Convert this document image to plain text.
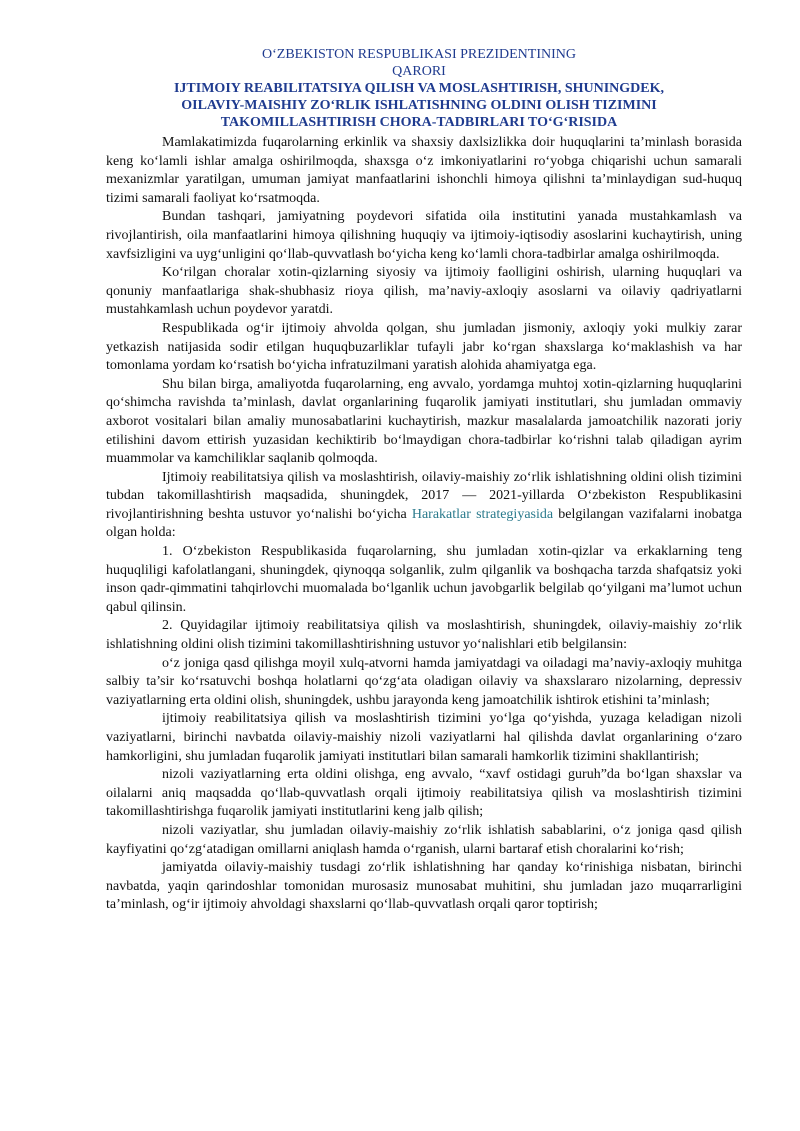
O‘ZBEKISTON RESPUBLIKASI PREZIDENTINING
QARORI
IJTIMOIY REABILITATSIYA QILISH VA MOSLASHTIRISH, SHUNINGDEK,
OILAVIY-MAISHIY ZO‘RLIK ISHLATISHNING OLDINI OLISH TIZIMINI
TAKOMILLASHTIRISH CHORA-TADBIRLARI TO‘G‘RISIDA

Mamlakatimizda fuqarolarning erkinlik va shaxsiy daxlsizlikka doir huquqlarini ta’minlash borasida keng ko‘lamli ishlar amalga oshirilmoqda, shaxsga o‘z imkoniyatlarini ro‘yobga chiqarishi uchun samarali mexanizmlar yaratilgan, umuman jamiyat manfaatlarini ishonchli himoya qilishni ta’minlaydigan sud-huquq tizimi samarali faoliyat ko‘rsatmoqda.

Bundan tashqari, jamiyatning poydevori sifatida oila institutini yanada mustahkamlash va rivojlantirish, oila manfaatlarini himoya qilishning huquqiy va ijtimoiy-iqtisodiy asoslarini kuchaytirish, uning xavfsizligini va uyg‘unligini qo‘llab-quvvatlash bo‘yicha keng ko‘lamli chora-tadbirlar amalga oshirilmoqda.

Ko‘rilgan choralar xotin-qizlarning siyosiy va ijtimoiy faolligini oshirish, ularning huquqlari va qonuniy manfaatlariga shak-shubhasiz rioya qilish, ma’naviy-axloqiy asoslarni va oilaviy qadriyatlarni mustahkamlash uchun poydevor yaratdi.

Respublikada og‘ir ijtimoiy ahvolda qolgan, shu jumladan jismoniy, axloqiy yoki mulkiy zarar yetkazish natijasida sodir etilgan huquqbuzarliklar tufayli jabr ko‘rgan shaxslarga ko‘maklashish va har tomonlama yordam ko‘rsatish bo‘yicha infratuzilmani yaratish alohida ahamiyatga ega.

Shu bilan birga, amaliyotda fuqarolarning, eng avvalo, yordamga muhtoj xotin-qizlarning huquqlarini qo‘shimcha ravishda ta’minlash, davlat organlarining fuqarolik jamiyati institutlari, shu jumladan ommaviy axborot vositalari bilan amaliy munosabatlarini kuchaytirish, mazkur masalalarda jamoatchilik nazorati joriy etilishini davom ettirish yuzasidan kechiktirib bo‘lmaydigan chora-tadbirlar ko‘rishni talab qiladigan ayrim muammolar va kamchiliklar saqlanib qolmoqda.

Ijtimoiy reabilitatsiya qilish va moslashtirish, oilaviy-maishiy zo‘rlik ishlatishning oldini olish tizimini tubdan takomillashtirish maqsadida, shuningdek, 2017 — 2021-yillarda O‘zbekiston Respublikasini rivojlantirishning beshta ustuvor yo‘nalishi bo‘yicha Harakatlar strategiyasida belgilangan vazifalarni inobatga olgan holda:

1. O‘zbekiston Respublikasida fuqarolarning, shu jumladan xotin-qizlar va erkaklarning teng huquqliligi kafolatlangani, shuningdek, qiynoqqa solganlik, zulm qilganlik va boshqacha tarzda shafqatsiz yoki inson qadr-qimmatini tahqirlovchi muomalada bo‘lganlik uchun javobgarlik belgilab qo‘yilgani ma’lumot uchun qabul qilinsin.

2. Quyidagilar ijtimoiy reabilitatsiya qilish va moslashtirish, shuningdek, oilaviy-maishiy zo‘rlik ishlatishning oldini olish tizimini takomillashtirishning ustuvor yo‘nalishlari etib belgilansin:

o‘z joniga qasd qilishga moyil xulq-atvorni hamda jamiyatdagi va oiladagi ma’naviy-axloqiy muhitga salbiy ta’sir ko‘rsatuvchi boshqa holatlarni qo‘zg‘ata oladigan oilaviy va shaxslararo nizolarning, depressiv vaziyatlarning erta oldini olish, shuningdek, ushbu jarayonda keng jamoatchilik ishtirok etishini ta’minlash;

ijtimoiy reabilitatsiya qilish va moslashtirish tizimini yo‘lga qo‘yishda, yuzaga keladigan nizoli vaziyatlarni, birinchi navbatda oilaviy-maishiy nizoli vaziyatlarni hal qilishda davlat organlarining o‘zaro hamkorligini, shu jumladan fuqarolik jamiyati institutlari bilan samarali hamkorlik tizimini shakllantirish;

nizoli vaziyatlarning erta oldini olishga, eng avvalo, “xavf ostidagi guruh”da bo‘lgan shaxslar va oilalarni aniq maqsadda qo‘llab-quvvatlash orqali ijtimoiy reabilitatsiya qilish va moslashtirish tizimini takomillashtirishga fuqarolik jamiyati institutlarini keng jalb qilish;

nizoli vaziyatlar, shu jumladan oilaviy-maishiy zo‘rlik ishlatish sabablarini, o‘z joniga qasd qilish kayfiyatini qo‘zg‘atadigan omillarni aniqlash hamda o‘rganish, ularni bartaraf etish choralarini ko‘rish;

jamiyatda oilaviy-maishiy tusdagi zo‘rlik ishlatishning har qanday ko‘rinishiga nisbatan, birinchi navbatda, yaqin qarindoshlar tomonidan murosasiz munosabat muhitini, shu jumladan jazo muqarrarligini ta’minlash, og‘ir ijtimoiy ahvoldagi shaxslarni qo‘llab-quvvatlash orqali qaror toptirish;
